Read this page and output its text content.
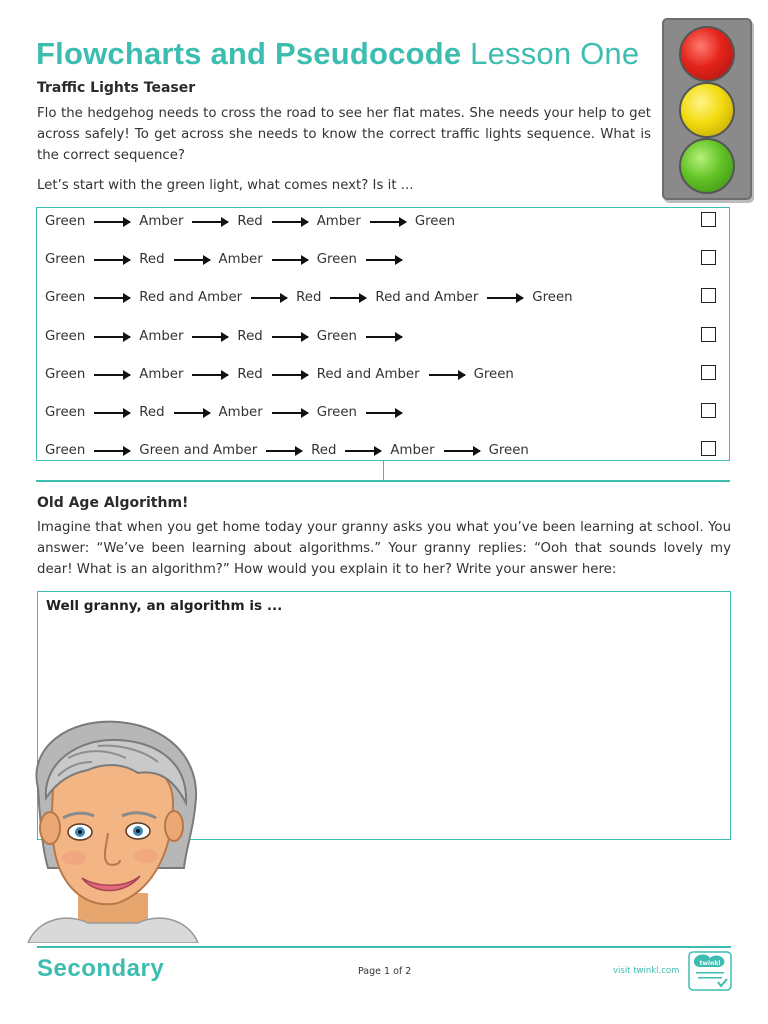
Flowcharts and Pseudocode Lesson One
Traffic Lights Teaser

Flo the hedgehog needs to cross the road to see her flat mates. She needs your help to get across safely! To get across she needs to know the correct traffic lights sequence. What is the correct sequence?

Let’s start with the green light, what comes next? Is it ...

Green	Amber	Red	Amber	Green
Green	Red	Amber	Green
Green	Red and Amber	Red	Red and Amber	Green
Green	Amber	Red	Green
Green	Amber	Red	Red and Amber	Green
Green	Red	Amber	Green
Green	Green and Amber	Red	Amber	Green
Old Age Algorithm!

Imagine that when you get home today your granny asks you what you’ve been learning at school. You answer: “We’ve been learning about algorithms.” Your granny replies: “Ooh that sounds lovely my dear! What is an algorithm?” How would you explain it to her? Write your answer here:

Well granny, an algorithm is ...
Secondary	Page 1 of 2	visit twinkl.com
twinkl
